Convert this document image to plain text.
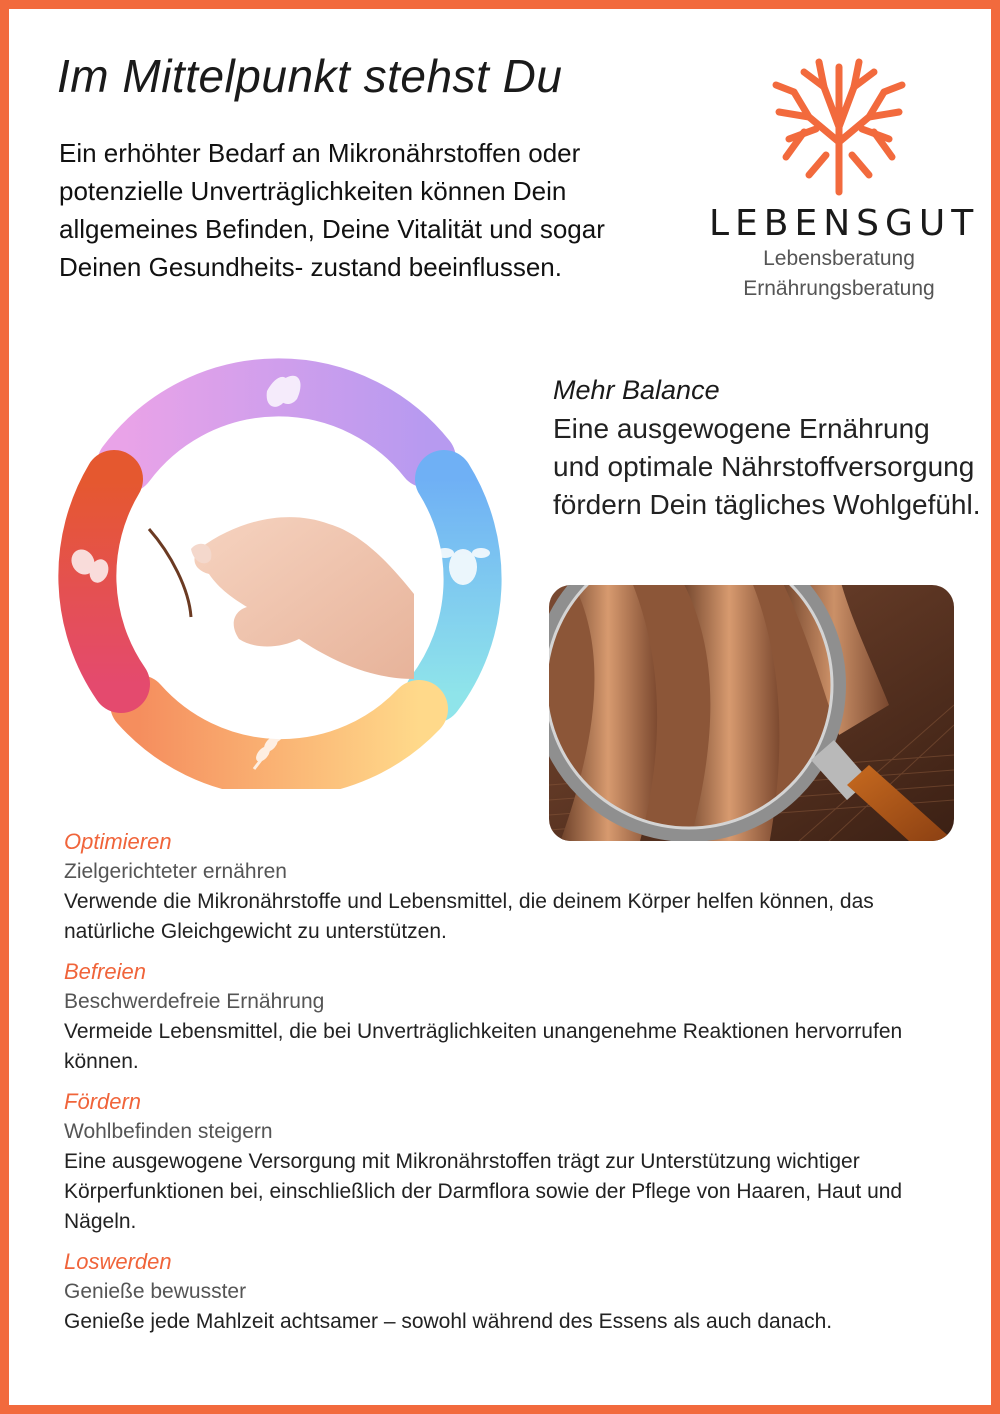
Im Mittelpunkt stehst Du

Ein erhöhter Bedarf an Mikronährstoffen oder potenzielle Unverträglichkeiten können Dein allgemeines Befinden, Deine Vitalität und sogar Deinen Gesundheits- zustand beeinflussen.

LEBENSGUT
Lebensberatung
Ernährungsberatung
Mehr Balance

Eine ausgewogene Ernährung und optimale Nährstoffversorgung fördern Dein tägliches Wohlgefühl.

Optimieren
Zielgerichteter ernähren
Verwende die Mikronährstoffe und Lebensmittel, die deinem Körper helfen können, das natürliche Gleichgewicht zu unterstützen.
Befreien
Beschwerdefreie Ernährung
Vermeide Lebensmittel, die bei Unverträglichkeiten unangenehme Reaktionen hervorrufen können.
Fördern
Wohlbefinden steigern
Eine ausgewogene Versorgung mit Mikronährstoffen trägt zur Unterstützung wichtiger Körperfunktionen bei, einschließlich der Darmflora sowie der Pflege von Haaren, Haut und Nägeln.
Loswerden
Genieße bewusster
Genieße jede Mahlzeit achtsamer – sowohl während des Essens als auch danach.
